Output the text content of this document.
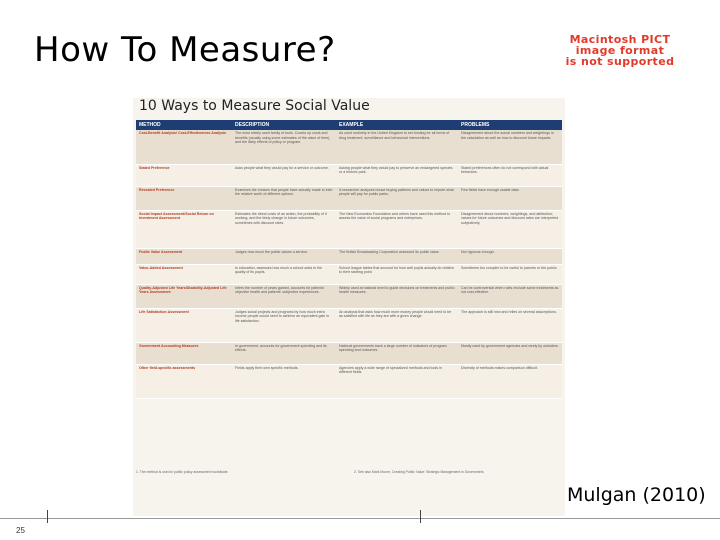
How To Measure?	Macintosh PICT
image format
is not supported
10 Ways to Measure Social Value
METHOD	DESCRIPTION	EXAMPLE	PROBLEMS
Cost-Benefit Analysis/ Cost-Effectiveness Analysis	The most widely used family of tools. Counts up costs and benefits (usually using some estimates of the value of time), and the likely effects of policy or program.	As used routinely in the United Kingdom to set funding for all forms of drug treatment, surveillance and behavioral interventions.	Disagreement about the actual numbers and weightings in the calculation as well as how to discount future impacts.
Stated Preference	Asks people what they would pay for a service or outcome.	Asking people what they would pay to preserve an endangered species or a historic park.	Stated preferences often do not correspond with actual behaviors.
Revealed Preference	Examines the choices that people have actually made to infer the relative worth of different options.	A researcher analyzes house buying patterns and values to impute what people will pay for public parks.	Few fields have enough usable data.
Social Impact Assessment/Social Return on Investment Assessment	Estimates the direct costs of an action, the probability of it working, and the likely change in future outcomes, sometimes with discount rates.	The New Economics Foundation and others have used this method to assess the value of social programs and enterprises.	Disagreement about numbers, weightings, and attribution; values for future outcomes and discount rates are interpreted subjectively.
Public Value Assessment	Judges how much the public values a service.	The British Broadcasting Corporation assessed its public value.	Not rigorous enough.
Value-Added Assessment	In education, assesses how much a school adds to the quality of its pupils.	School league tables that account for how well pupils actually do relative to their starting point.	Sometimes too complex to be useful to parents or the public.
Quality-Adjusted Life Years/Disability-Adjusted Life Years Assessment	Infers the number of years gained, accounts for patients' objective health and patients' subjective experiences.	Widely used at national level to guide decisions on treatments and public health measures.	Can be controversial when rules exclude some treatments as not cost-effective.
Life Satisfaction Assessment	Judges social projects and programs by how much extra income people would need to achieve an equivalent gain in life satisfaction.	An analysis that asks how much more money people would need to be as satisfied with life as they are with a given change.	The approach is still new and relies on several assumptions.
Government Accounting Measures	In government, accounts for government spending and its effects.	National governments track a large number of indicators of program spending and outcomes.	Mostly used by government agencies and rarely by outsiders.
Other field-specific assessments	Fields apply their own specific methods.	Agencies apply a wide range of specialized methods and tools in different fields.	Diversity of methods makes comparison difficult.
1. The method is used in public policy assessment worldwide.	2. See also Mark Moore, Creating Public Value: Strategic Management in Government.
Mulgan (2010)
25
